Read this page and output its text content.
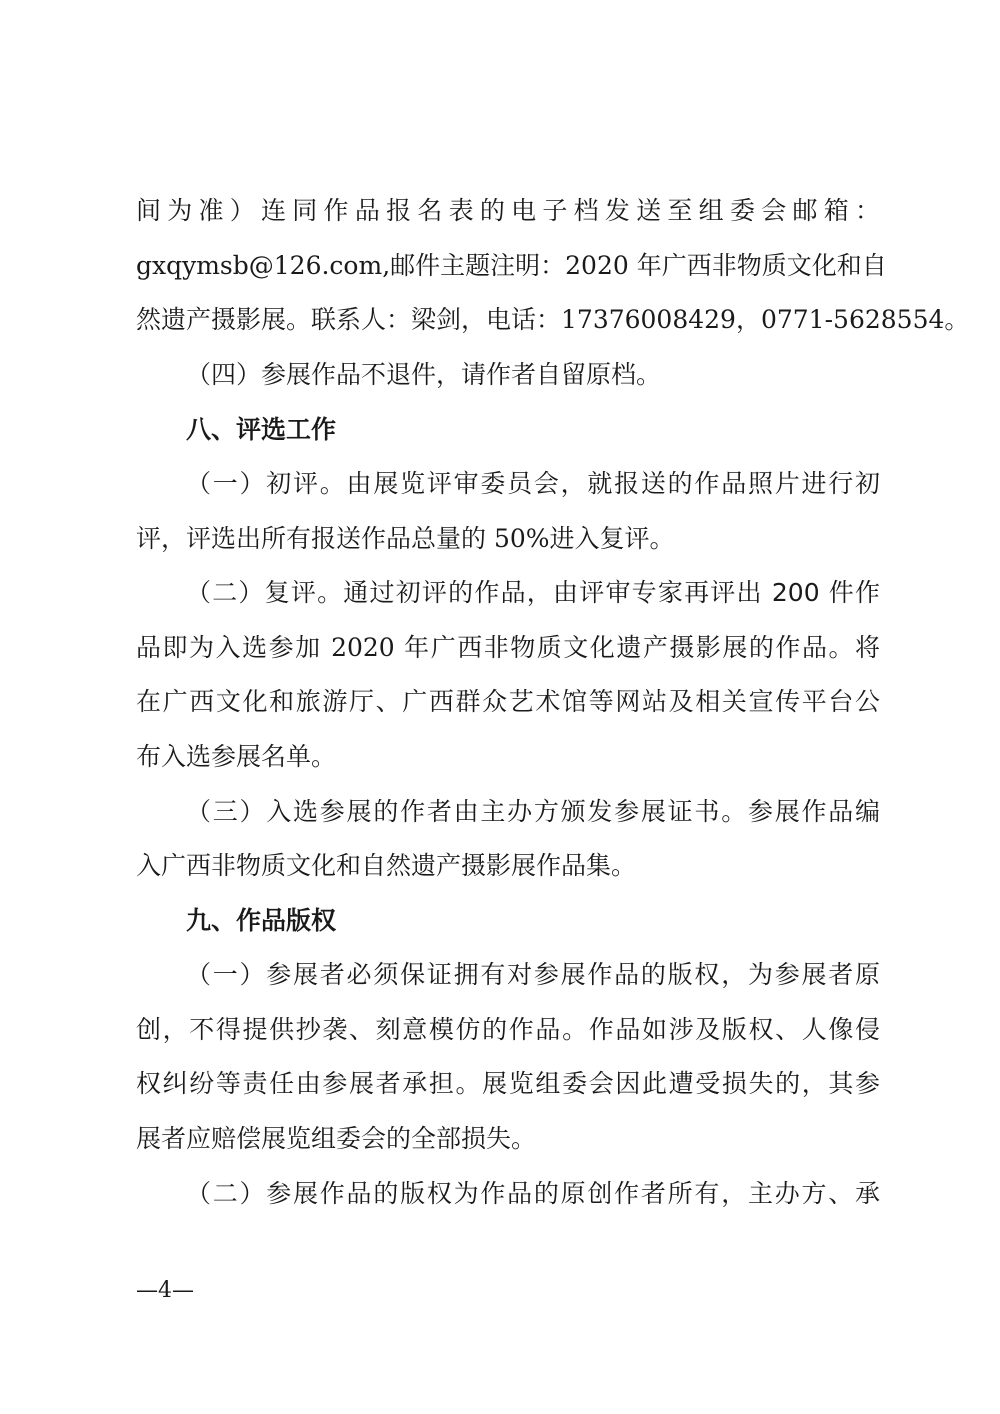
间为准）连同作品报名表的电子档发送至组委会邮箱：
gxqymsb@126.com,邮件主题注明：2020 年广西非物质文化和自
然遗产摄影展。联系人：梁剑，电话：17376008429，0771-5628554。
（四）参展作品不退件，请作者自留原档。
八、评选工作
（一）初评。由展览评审委员会，就报送的作品照片进行初
评，评选出所有报送作品总量的 50%进入复评。
（二）复评。通过初评的作品，由评审专家再评出 200 件作
品即为入选参加 2020 年广西非物质文化遗产摄影展的作品。将
在广西文化和旅游厅、广西群众艺术馆等网站及相关宣传平台公
布入选参展名单。
（三）入选参展的作者由主办方颁发参展证书。参展作品编
入广西非物质文化和自然遗产摄影展作品集。
九、作品版权
（一）参展者必须保证拥有对参展作品的版权，为参展者原
创，不得提供抄袭、刻意模仿的作品。作品如涉及版权、人像侵
权纠纷等责任由参展者承担。展览组委会因此遭受损失的，其参
展者应赔偿展览组委会的全部损失。
（二）参展作品的版权为作品的原创作者所有，主办方、承
—4—
